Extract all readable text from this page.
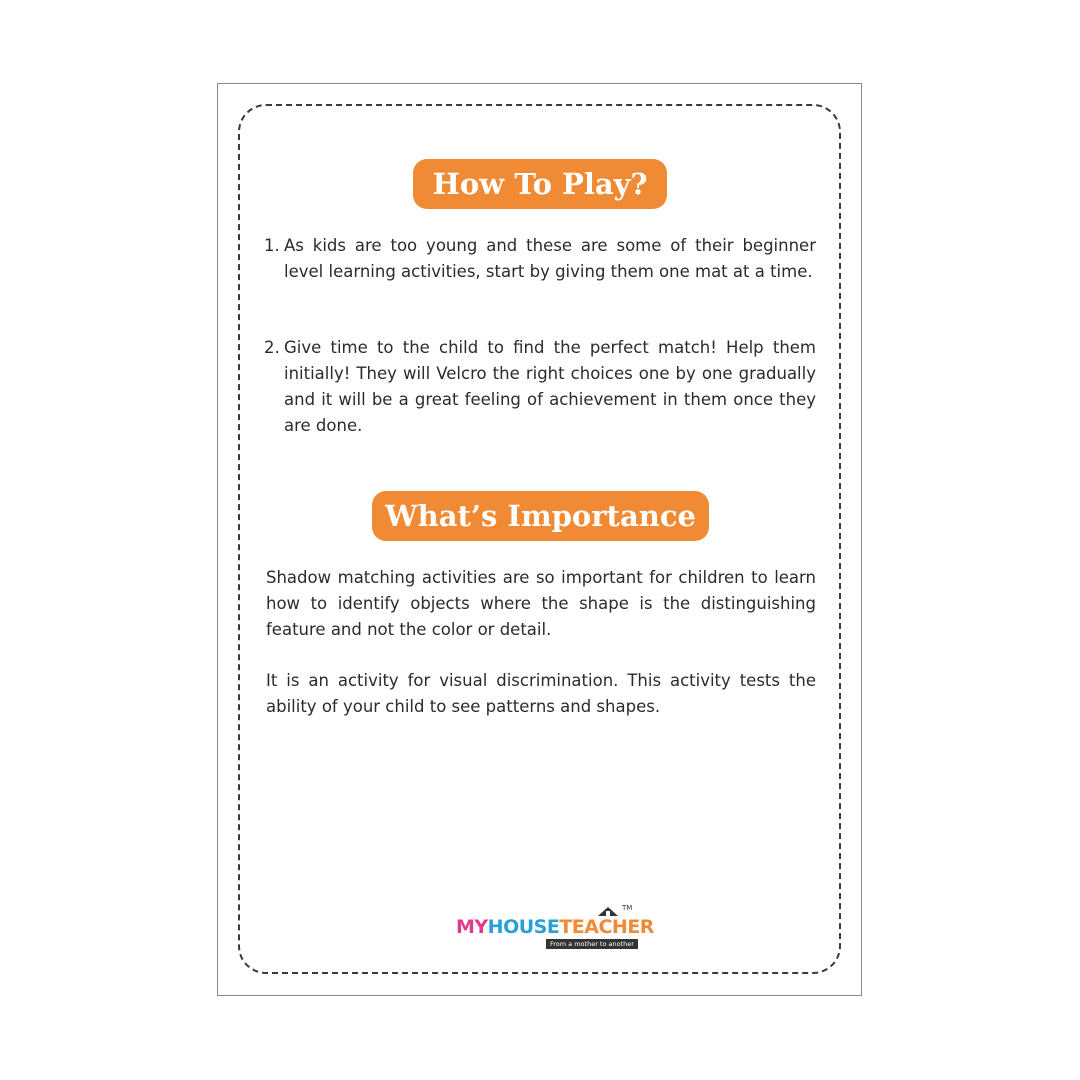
How To Play?
1. As kids are too young and these are some of their beginner level learning activities, start by giving them one mat at a time.
2. Give time to the child to find the perfect match! Help them initially! They will Velcro the right choices one by one gradually and it will be a great feeling of achievement in them once they are done.
What’s Importance

Shadow matching activities are so important for children to learn how to identify objects where the shape is the distinguishing feature and not the color or detail.

It is an activity for visual discrimination. This activity tests the ability of your child to see patterns and shapes.

TM
MYHOUSETEACHER
From a mother to another
